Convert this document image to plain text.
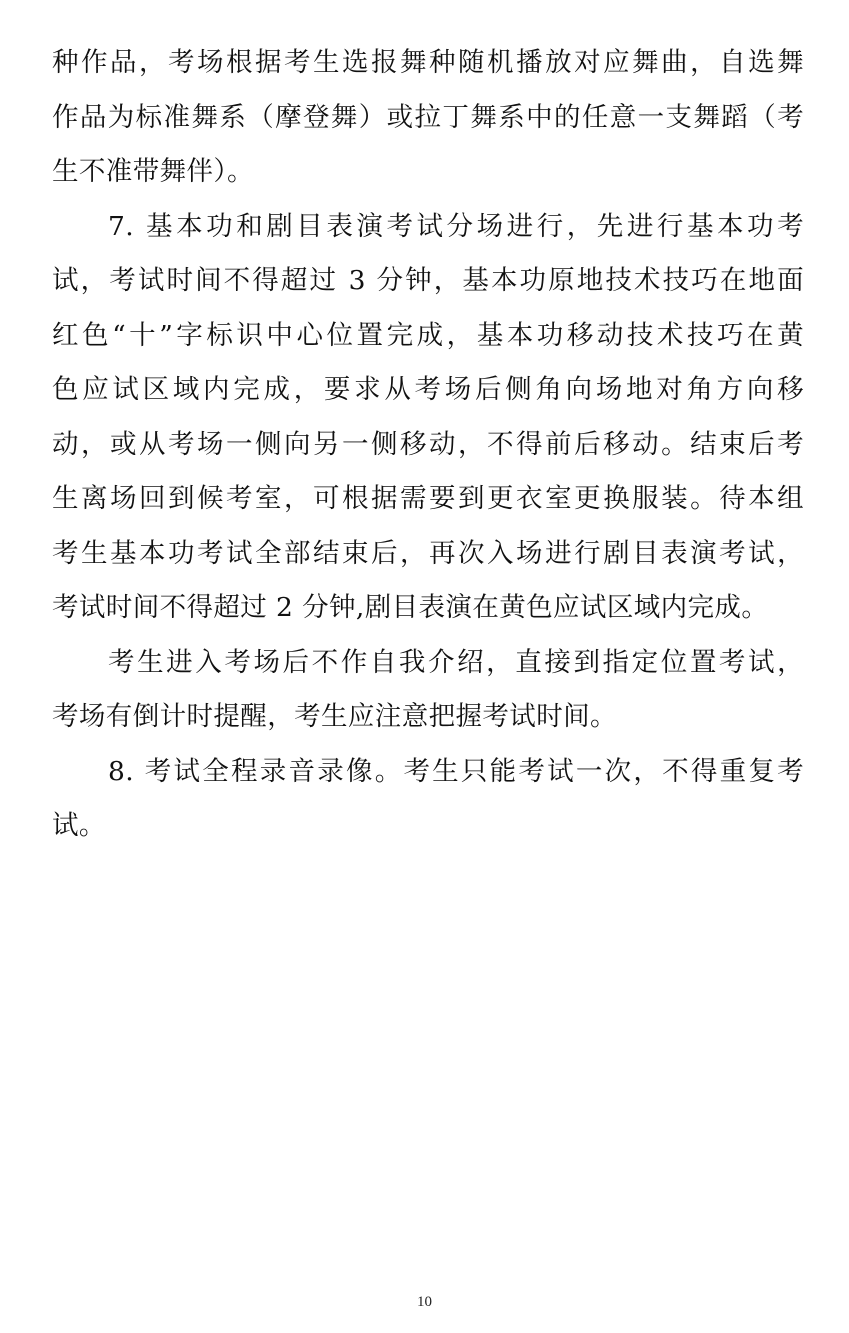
种作品，考场根据考生选报舞种随机播放对应舞曲，自选舞
作品为标准舞系（摩登舞）或拉丁舞系中的任意一支舞蹈（考
生不准带舞伴）。
7. 基本功和剧目表演考试分场进行，先进行基本功考
试，考试时间不得超过 3 分钟，基本功原地技术技巧在地面
红色“十”字标识中心位置完成，基本功移动技术技巧在黄
色应试区域内完成，要求从考场后侧角向场地对角方向移
动，或从考场一侧向另一侧移动，不得前后移动。结束后考
生离场回到候考室，可根据需要到更衣室更换服装。待本组
考生基本功考试全部结束后，再次入场进行剧目表演考试，
考试时间不得超过 2 分钟,剧目表演在黄色应试区域内完成。
考生进入考场后不作自我介绍，直接到指定位置考试，
考场有倒计时提醒，考生应注意把握考试时间。
8. 考试全程录音录像。考生只能考试一次，不得重复考
试。
10
